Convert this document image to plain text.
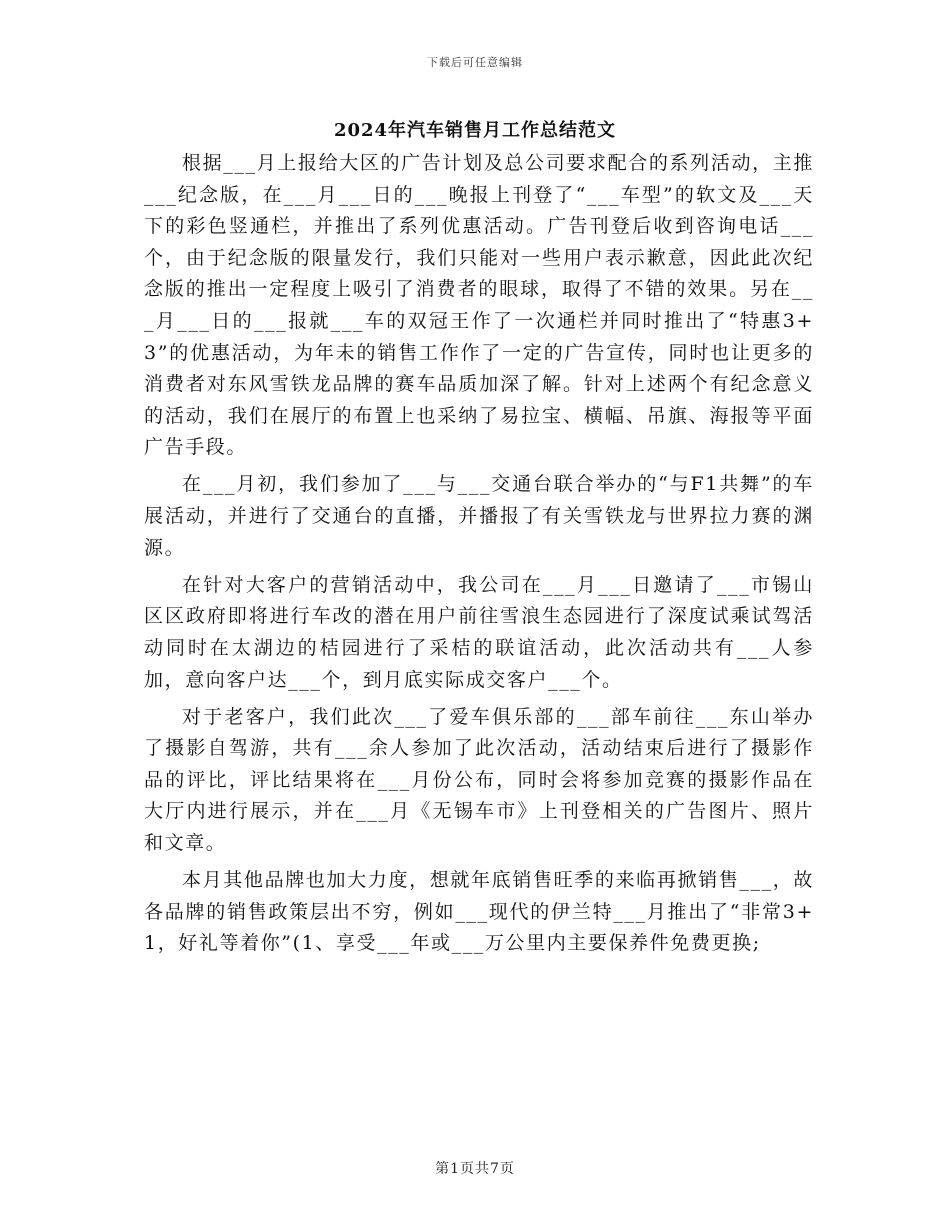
下载后可任意编辑
2024年汽车销售月工作总结范文

根据___月上报给大区的广告计划及总公司要求配合的系列活动，主推___纪念版，在___月___日的___晚报上刊登了“___车型”的软文及___天下的彩色竖通栏，并推出了系列优惠活动。广告刊登后收到咨询电话___个，由于纪念版的限量发行，我们只能对一些用户表示歉意，因此此次纪念版的推出一定程度上吸引了消费者的眼球，取得了不错的效果。另在___月___日的___报就___车的双冠王作了一次通栏并同时推出了“特惠3+3”的优惠活动，为年未的销售工作作了一定的广告宣传，同时也让更多的消费者对东风雪铁龙品牌的赛车品质加深了解。针对上述两个有纪念意义的活动，我们在展厅的布置上也采纳了易拉宝、横幅、吊旗、海报等平面广告手段。

在___月初，我们参加了___与___交通台联合举办的“与F1共舞”的车展活动，并进行了交通台的直播，并播报了有关雪铁龙与世界拉力赛的渊源。

在针对大客户的营销活动中，我公司在___月___日邀请了___市锡山区区政府即将进行车改的潜在用户前往雪浪生态园进行了深度试乘试驾活动同时在太湖边的桔园进行了采桔的联谊活动，此次活动共有___人参加，意向客户达___个，到月底实际成交客户___个。

对于老客户，我们此次___了爱车俱乐部的___部车前往___东山举办了摄影自驾游，共有___余人参加了此次活动，活动结束后进行了摄影作品的评比，评比结果将在___月份公布，同时会将参加竞赛的摄影作品在大厅内进行展示，并在___月《无锡车市》上刊登相关的广告图片、照片和文章。

本月其他品牌也加大力度，想就年底销售旺季的来临再掀销售___，故各品牌的销售政策层出不穷，例如___现代的伊兰特___月推出了“非常3+1，好礼等着你”(1、享受___年或___万公里内主要保养件免费更换;

第1页共7页
